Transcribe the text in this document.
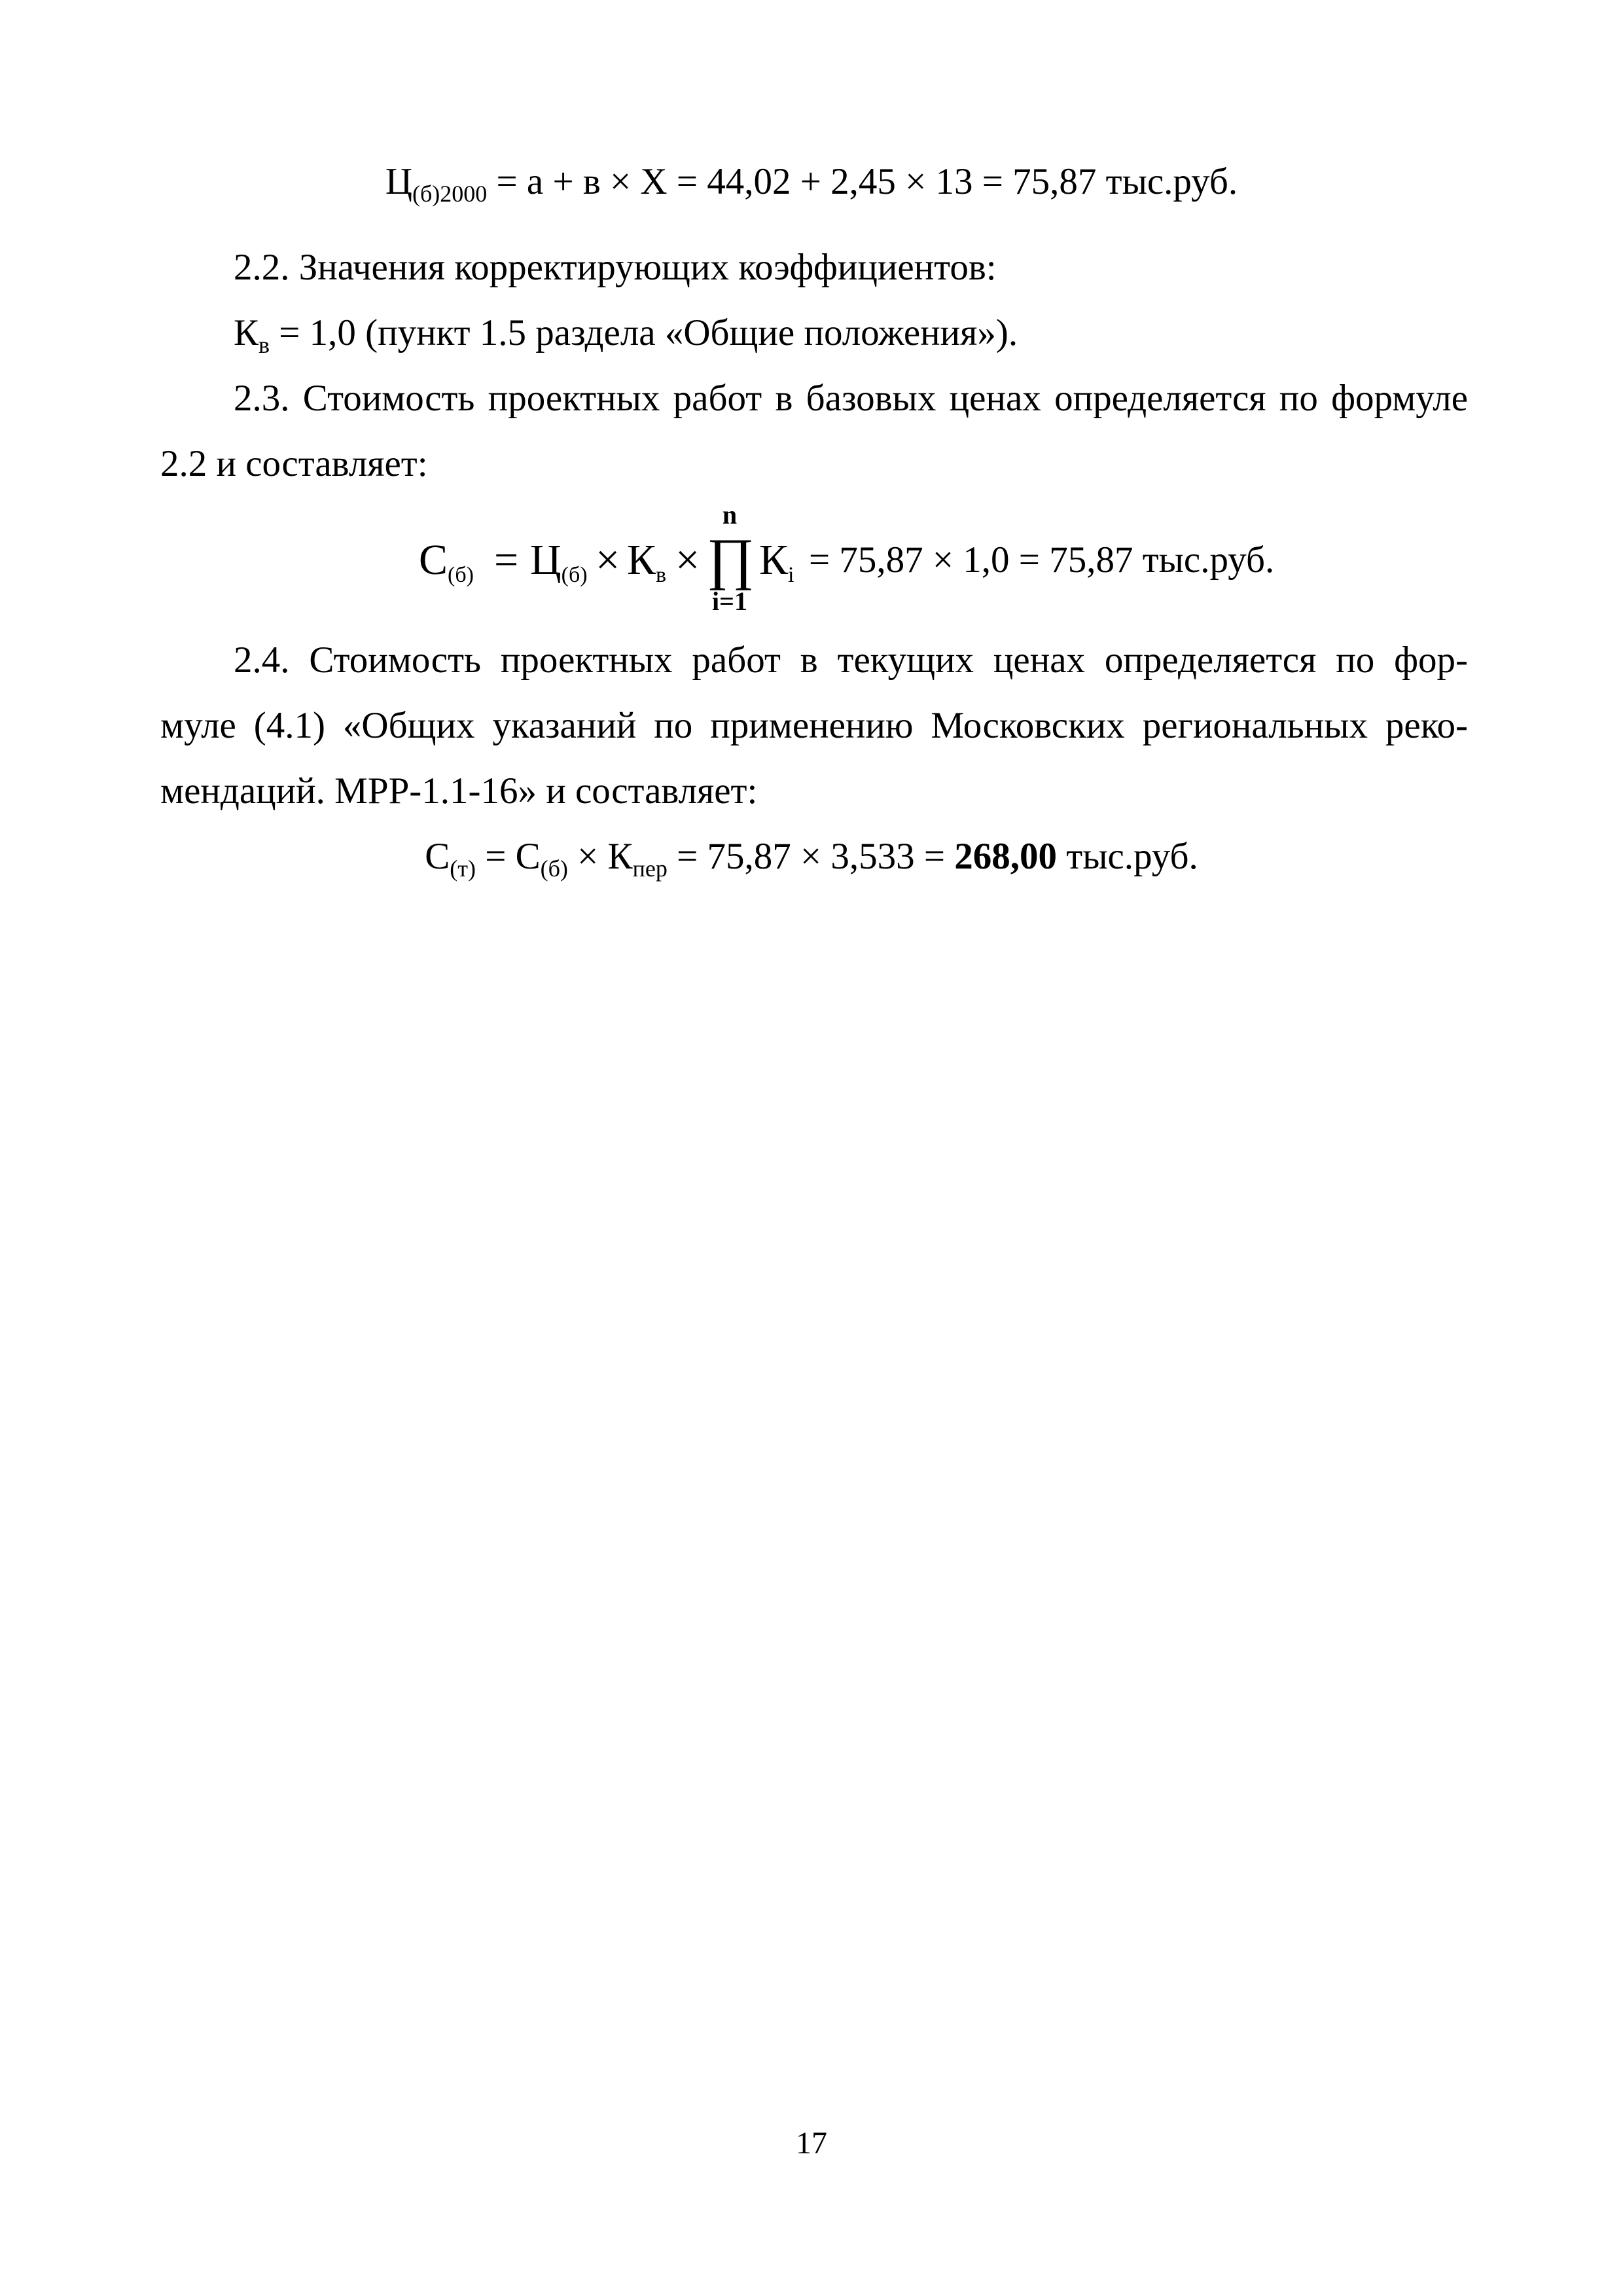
$Ц_{(б)2000} = а + в \times Х = 44,02 + 2,45 \times 13 = 75,87$ тыс.руб.
2.2. Значения корректирующих коэффициентов:
$К_в = 1,0$ (пункт 1.5 раздела «Общие положения»).
2.3. Стоимость проектных работ в базовых ценах определяется по формуле
2.2 и составляет:
$С_{(б)} = Ц_{(б)} \times К_в$ ×
n
∏
i=1
$К_i = 75,87 \times 1,0 = 75,87$ тыс.руб.
2.4. Стоимость проектных работ в текущих ценах определяется по фор-
муле (4.1) «Общих указаний по применению Московских региональных реко-
мендаций. МРР-1.1-16» и составляет:
$С_{(т)} = С_{(б)} \times К_{пер} = 75,87 \times 3,533 = 268,00$ тыс.руб.
17
